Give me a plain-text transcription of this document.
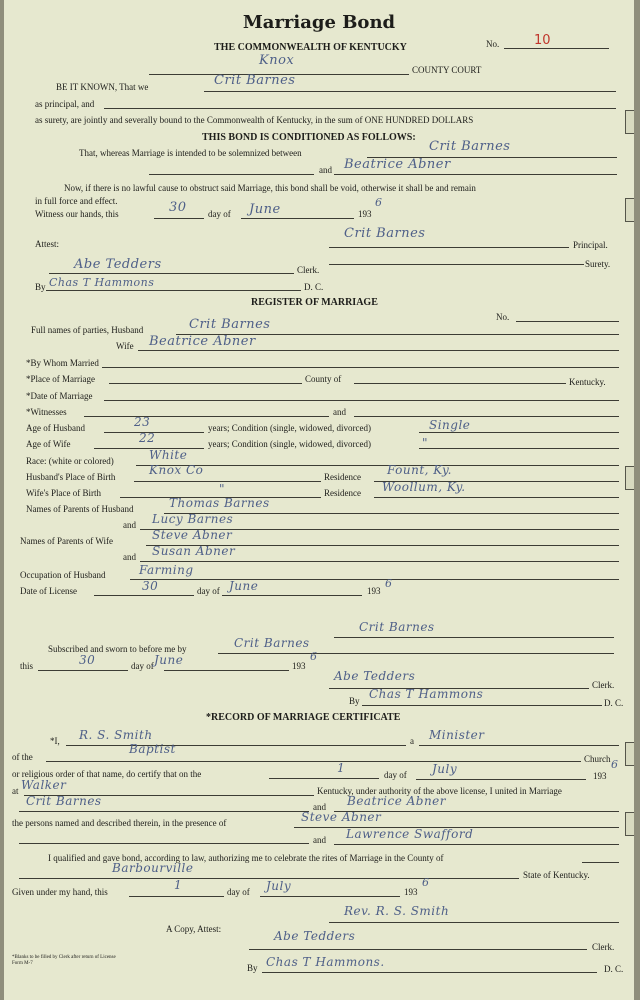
Marriage Bond
THE COMMONWEALTH OF KENTUCKY	No.	10
Knox
COUNTY COURT
BE IT KNOWN, That we	Crit Barnes
as principal, and
as surety, are jointly and severally bound to the Commonwealth of Kentucky, in the sum of ONE HUNDRED DOLLARS
THIS BOND IS CONDITIONED AS FOLLOWS:
That, whereas Marriage is intended to be solemnized between	Crit Barnes
and Beatrice Abner
Now, if there is no lawful cause to obstruct said Marriage, this bond shall be void, otherwise it shall be and remain
in full force and effect.
Witness our hands, this	30 day of June	193
6
Attest:
Crit Barnes
Principal.
Surety.
Abe Tedders	Clerk.
By Chas T Hammons	D. C.
REGISTER OF MARRIAGE
No.
Full names of parties, Husband	Crit Barnes
Wife Beatrice Abner
*By Whom Married
*Place of Marriage	County of	Kentucky.
*Date of Marriage
*Witnesses	and
Age of Husband	23	years; Condition (single, widowed, divorced)	Single
Age of Wife	22	years; Condition (single, widowed, divorced)	"
Race: (white or colored)	White
Husband's Place of Birth	Knox Co	Residence Fount, Ky.
Wife's Place of Birth	"	Residence Woollum, Ky.
Names of Parents of Husband	Thomas Barnes
and Lucy Barnes
Names of Parents of Wife	Steve Abner
and Susan Abner
Occupation of Husband	Farming
Date of License	30	day of June	193
6
Crit Barnes
Subscribed and sworn to before me by	Crit Barnes
this	30	day of June	193
6
Abe Tedders
Clerk.
By Chas T Hammons
D. C.
*RECORD OF MARRIAGE CERTIFICATE
*I, R. S. Smith	a Minister
of the
Baptist
Church
or religious order of that name, do certify that on the	1	day of July	193
6
at Walker	Kentucky, under authority of the above license, I united in Marriage
Crit Barnes	and Beatrice Abner
the persons named and described therein, in the presence of	Steve Abner
and Lawrence Swafford
I qualified and gave bond, according to law, authorizing me to celebrate the rites of Marriage in the County of
Barbourville	State of Kentucky.
Given under my hand, this	1	day of July	193
6
Rev. R. S. Smith
A Copy, Attest:	Abe Tedders
Clerk.
By Chas T Hammons.	D. C.
*Blanks to be filled by Clerk after return of License
Form M-7
